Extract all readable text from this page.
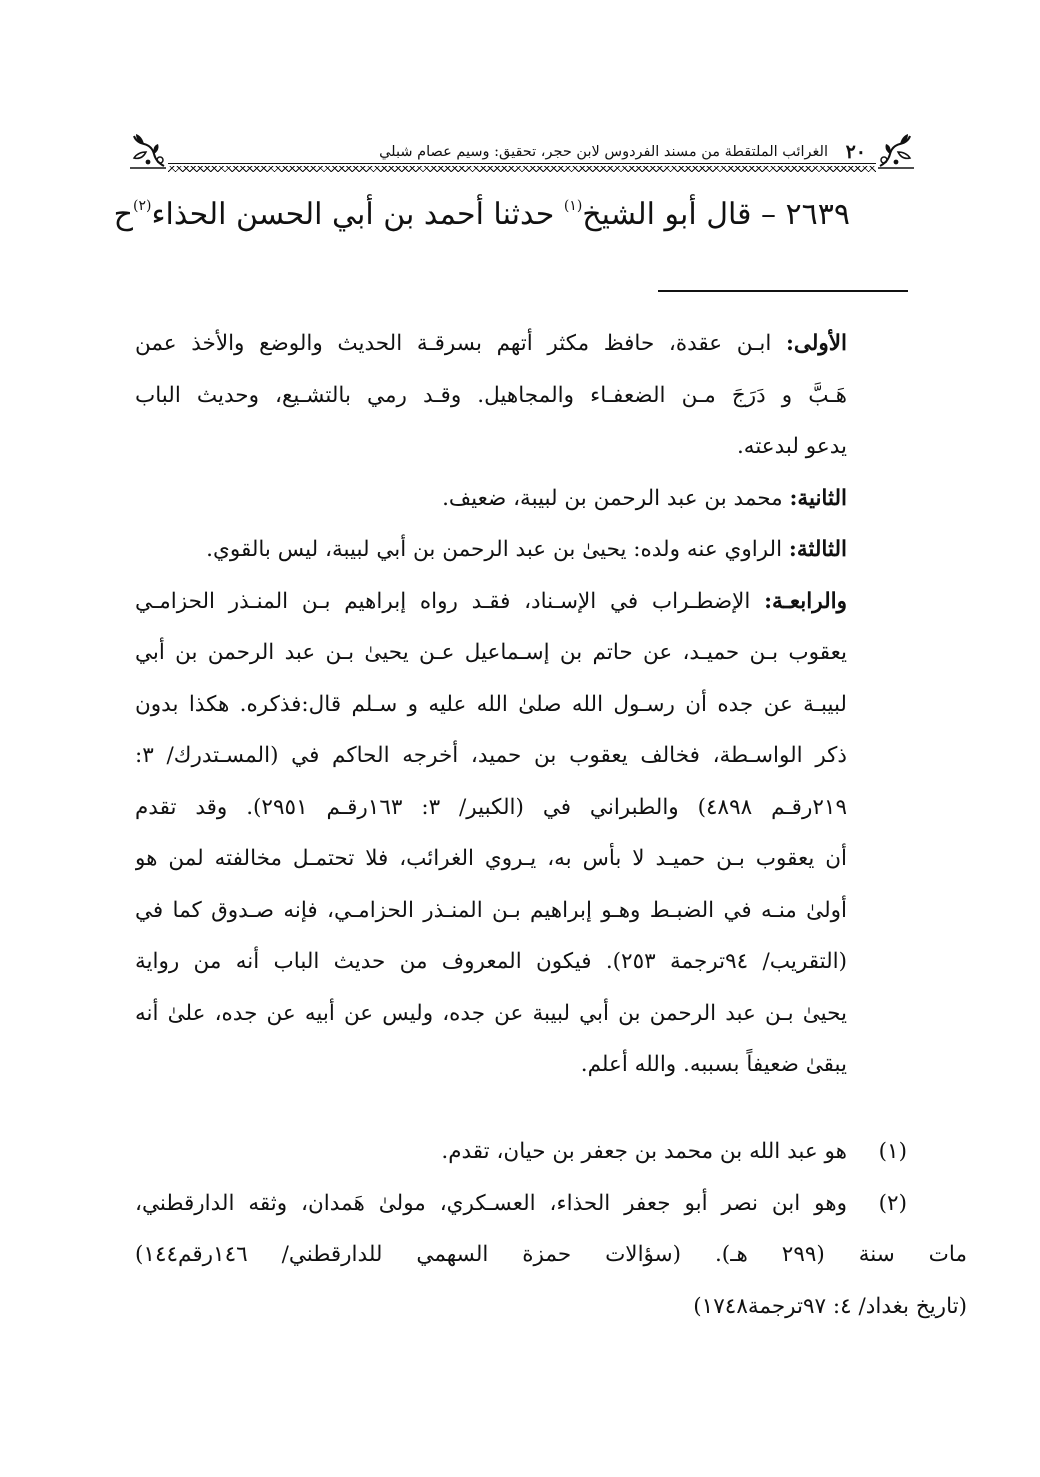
٢٠
الغرائب الملتقطة من مسند الفردوس لابن حجر، تحقيق: وسيم عصام شبلي
٢٦٣٩ – قال أبو الشيخ$^{(١)}$ حدثنا أحمد بن أبي الحسن الحذاء$^{(٢)}$ح
الأولى: ابـن عقدة، حافظ مكثر أتهم بسرقـة الحديث والوضع والأخذ عمن
هَـبَّ و دَرَجَ مـن الضعفـاء والمجاهيل. وقـد رمي بالتشـيع، وحديث الباب
يدعو لبدعته.
الثانية: محمد بن عبد الرحمن بن لبيبة، ضعيف.
الثالثة: الراوي عنه ولده: يحيىٰ بن عبد الرحمن بن أبي لبيبة، ليس بالقوي.
والرابعـة: الإضطـراب في الإسـناد، فقـد رواه إبراهيم بـن المنـذر الحزامـي
يعقوب بـن حميـد، عن حاتم بن إسـماعيل عـن يحيىٰ بـن عبد الرحمن بن أبي
لبيبـة عن جده أن رسـول الله صلىٰ الله عليه و سـلم قال:فذكره. هكذا بدون
ذكر الواسـطة، فخالف يعقوب بن حميد، أخرجه الحاكم في (المسـتدرك/ ٣:
٢١٩رقـم ٤٨٩٨) والطبراني في (الكبير/ ٣: ١٦٣رقـم ٢٩٥١). وقد تقدم
أن يعقوب بـن حميـد لا بأس به، يـروي الغرائب، فلا تحتمـل مخالفته لمن هو
أولىٰ منـه في الضبـط وهـو إبراهيم بـن المنـذر الحزامـي، فإنه صـدوق كما في
(التقريب/ ٩٤ترجمة ٢٥٣). فيكون المعروف من حديث الباب أنه من رواية
يحيىٰ بـن عبد الرحمن بن أبي لبيبة عن جده، وليس عن أبيه عن جده، علىٰ أنه
يبقىٰ ضعيفاً بسببه. والله أعلم.
(١)
هو عبد الله بن محمد بن جعفر بن حيان، تقدم.
(٢)
وهو ابن نصر أبو جعفر الحذاء، العسـكري، مولىٰ هَمدان، وثقه الدارقطني،
مات سنة (٢٩٩ هـ). (سؤالات حمزة السهمي للدارقطني/ ١٤٦رقم١٤٤)
(تاريخ بغداد/ ٤: ٩٧ترجمة١٧٤٨)
